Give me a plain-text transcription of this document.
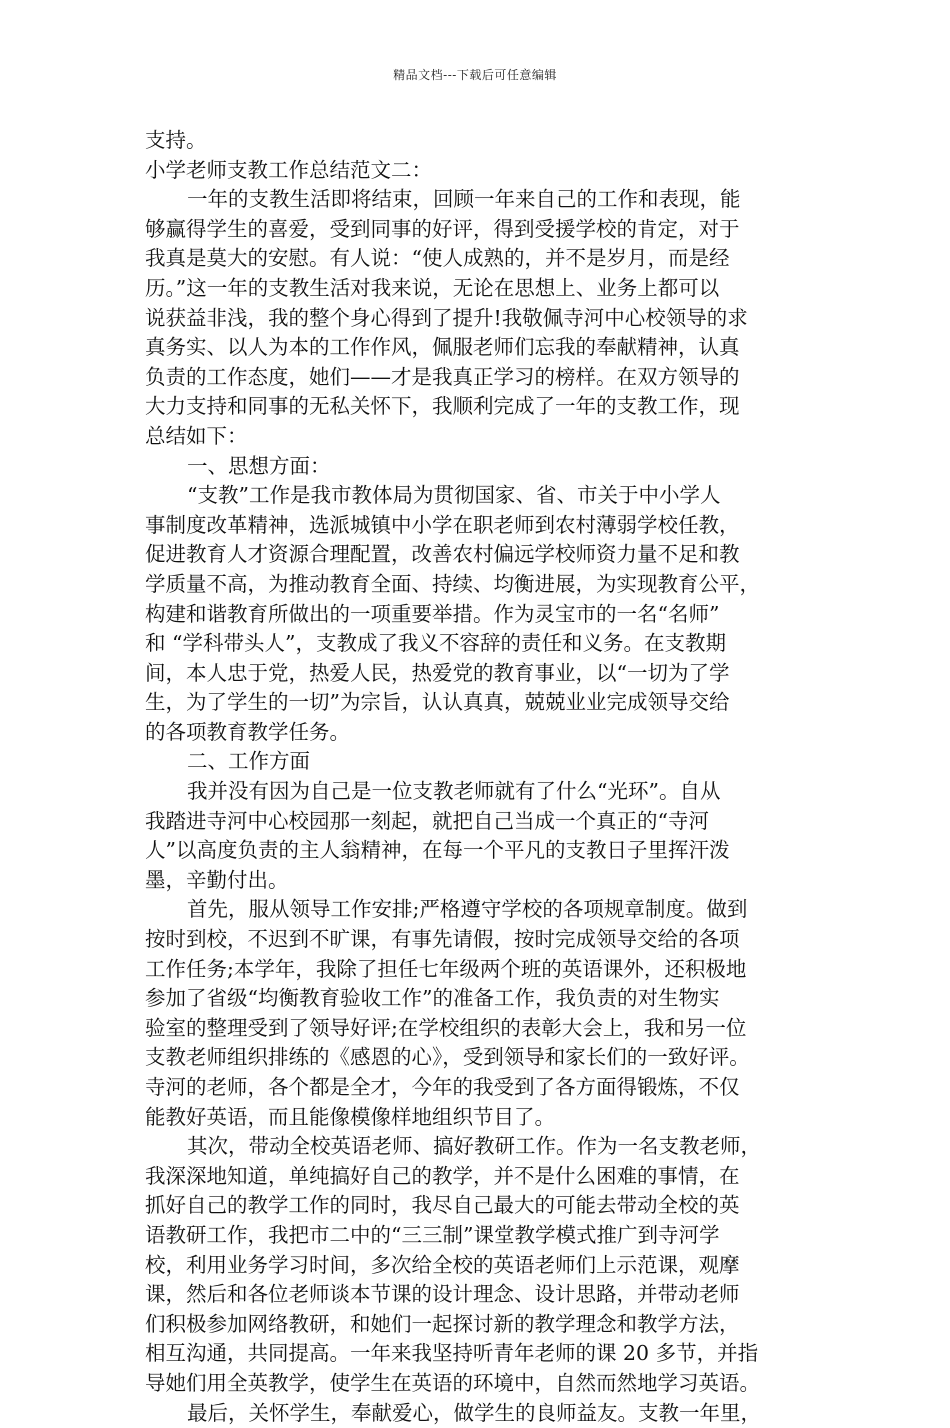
精品文档---下载后可任意编辑
支持。
小学老师支教工作总结范文二：
一年的支教生活即将结束，回顾一年来自己的工作和表现，能
够赢得学生的喜爱，受到同事的好评，得到受援学校的肯定，对于
我真是莫大的安慰。有人说：“使人成熟的，并不是岁月，而是经
历。”这一年的支教生活对我来说，无论在思想上、业务上都可以
说获益非浅，我的整个身心得到了提升!我敬佩寺河中心校领导的求
真务实、以人为本的工作作风，佩服老师们忘我的奉献精神，认真
负责的工作态度，她们——才是我真正学习的榜样。在双方领导的
大力支持和同事的无私关怀下，我顺利完成了一年的支教工作，现
总结如下：
一、思想方面：
“支教”工作是我市教体局为贯彻国家、省、市关于中小学人
事制度改革精神，选派城镇中小学在职老师到农村薄弱学校任教，
促进教育人才资源合理配置，改善农村偏远学校师资力量不足和教
学质量不高，为推动教育全面、持续、均衡进展，为实现教育公平，
构建和谐教育所做出的一项重要举措。作为灵宝市的一名“名师”
和 “学科带头人”，支教成了我义不容辞的责任和义务。在支教期
间，本人忠于党，热爱人民，热爱党的教育事业，以“一切为了学
生，为了学生的一切”为宗旨，认认真真，兢兢业业完成领导交给
的各项教育教学任务。
二、工作方面
我并没有因为自己是一位支教老师就有了什么“光环”。自从
我踏进寺河中心校园那一刻起，就把自己当成一个真正的“寺河
人”以高度负责的主人翁精神，在每一个平凡的支教日子里挥汗泼
墨，辛勤付出。
首先，服从领导工作安排;严格遵守学校的各项规章制度。做到
按时到校，不迟到不旷课，有事先请假，按时完成领导交给的各项
工作任务;本学年，我除了担任七年级两个班的英语课外，还积极地
参加了省级“均衡教育验收工作”的准备工作，我负责的对生物实
验室的整理受到了领导好评;在学校组织的表彰大会上，我和另一位
支教老师组织排练的《感恩的心》，受到领导和家长们的一致好评。
寺河的老师，各个都是全才，今年的我受到了各方面得锻炼，不仅
能教好英语，而且能像模像样地组织节目了。
其次，带动全校英语老师、搞好教研工作。作为一名支教老师，
我深深地知道，单纯搞好自己的教学，并不是什么困难的事情，在
抓好自己的教学工作的同时，我尽自己最大的可能去带动全校的英
语教研工作，我把市二中的“三三制”课堂教学模式推广到寺河学
校，利用业务学习时间，多次给全校的英语老师们上示范课，观摩
课，然后和各位老师谈本节课的设计理念、设计思路，并带动老师
们积极参加网络教研，和她们一起探讨新的教学理念和教学方法，
相互沟通，共同提高。一年来我坚持听青年老师的课 20 多节，并指
导她们用全英教学，使学生在英语的环境中，自然而然地学习英语。
最后，关怀学生，奉献爱心，做学生的良师益友。支教一年里，
